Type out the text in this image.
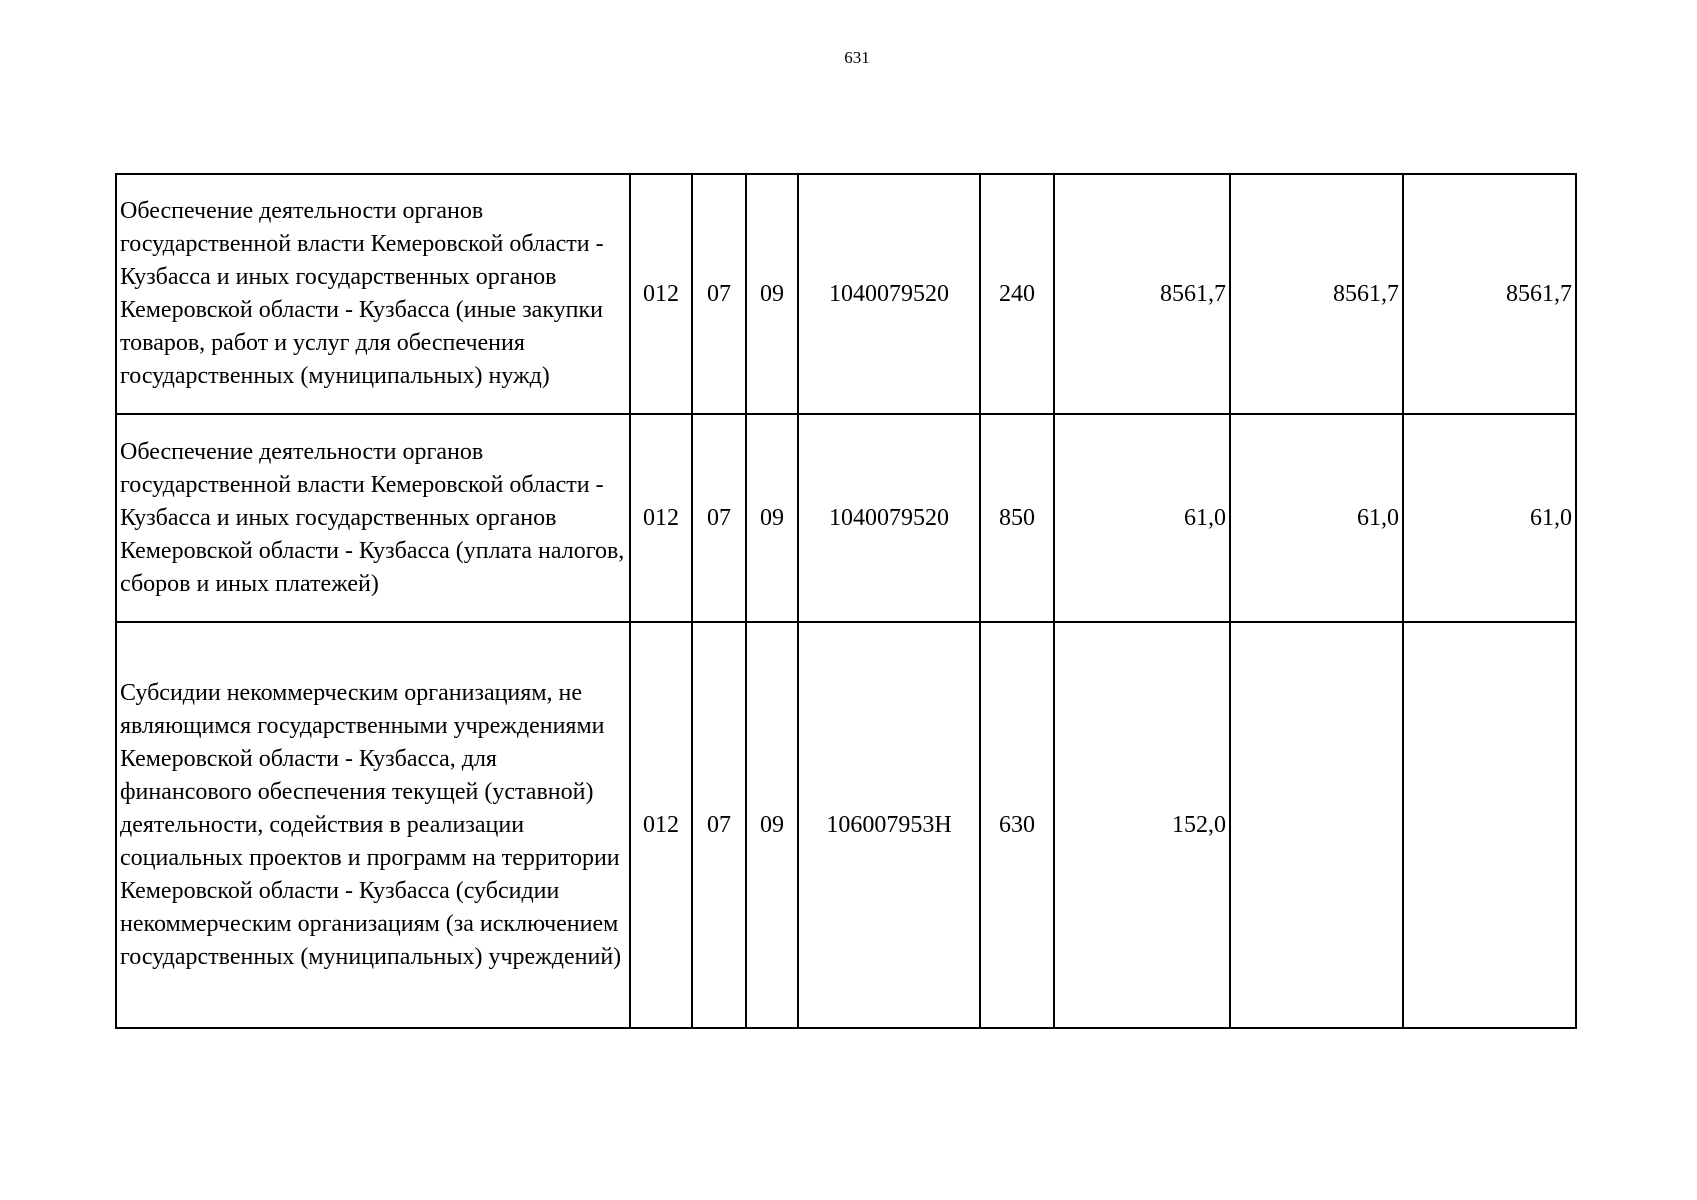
631
Обеспечение деятельности органов государственной власти Кемеровской области - Кузбасса и иных государственных органов Кемеровской области - Кузбасса (иные закупки товаров, работ и услуг для обеспечения государственных (муниципальных) нужд)	012	07	09	1040079520	240	8561,7	8561,7	8561,7
Обеспечение деятельности органов государственной власти Кемеровской области - Кузбасса и иных государственных органов Кемеровской области - Кузбасса (уплата налогов, сборов и иных платежей)	012	07	09	1040079520	850	61,0	61,0	61,0
Субсидии некоммерческим организациям, не являющимся государственными учреждениями Кемеровской области - Кузбасса, для финансового обеспечения текущей (уставной) деятельности, содействия в реализации социальных проектов и программ на территории Кемеровской области - Кузбасса (субсидии некоммерческим организациям (за исключением государственных (муниципальных) учреждений)	012	07	09	106007953Н	630	152,0		
